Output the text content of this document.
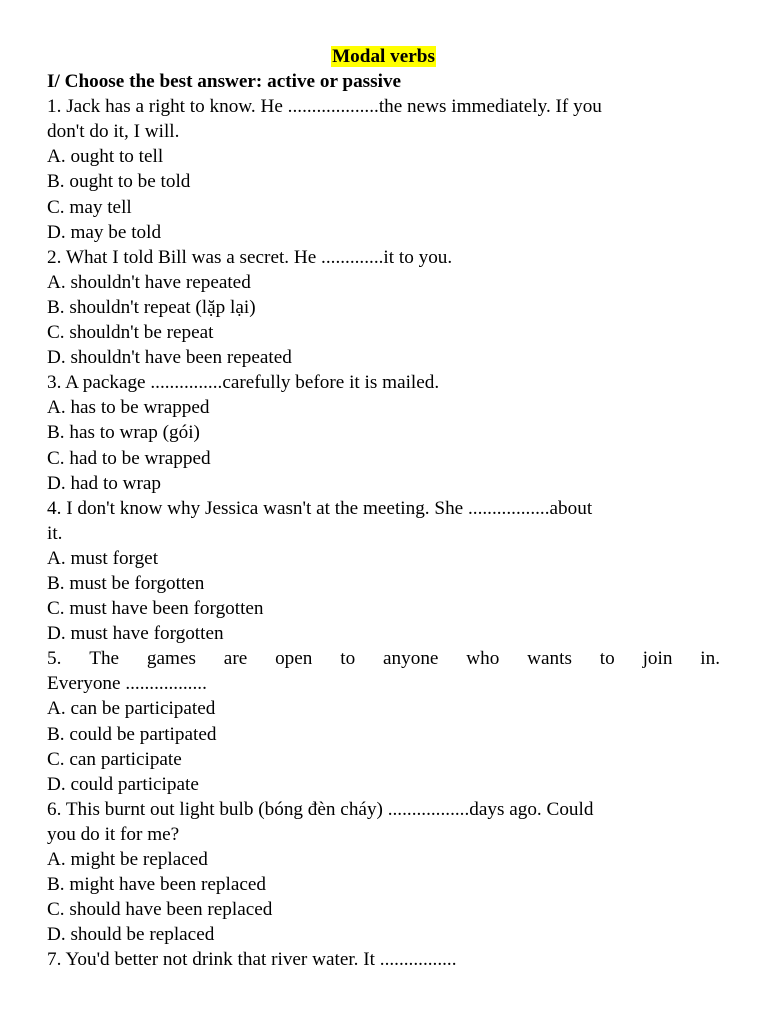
Modal verbs
I/ Choose the best answer: active or passive
1. Jack has a right to know. He ...................the news immediately. If you
don't do it, I will.
A. ought to tell
B. ought to be told
C. may tell
D. may be told
2. What I told Bill was a secret. He .............it to you.
A. shouldn't have repeated
B. shouldn't repeat (lặp lại)
C. shouldn't be repeat
D. shouldn't have been repeated
3. A package ...............carefully before it is mailed.
A. has to be wrapped
B. has to wrap (gói)
C. had to be wrapped
D. had to wrap
4. I don't know why Jessica wasn't at the meeting. She .................about
it.
A. must forget
B. must be forgotten
C. must have been forgotten
D. must have forgotten
5. The games are open to anyone who wants to join in.
Everyone .................
A. can be participated
B. could be partipated
C. can participate
D. could participate
6. This burnt out light bulb (bóng đèn cháy) .................days ago. Could
you do it for me?
A. might be replaced
B. might have been replaced
C. should have been replaced
D. should be replaced
7. You'd better not drink that river water. It ................
